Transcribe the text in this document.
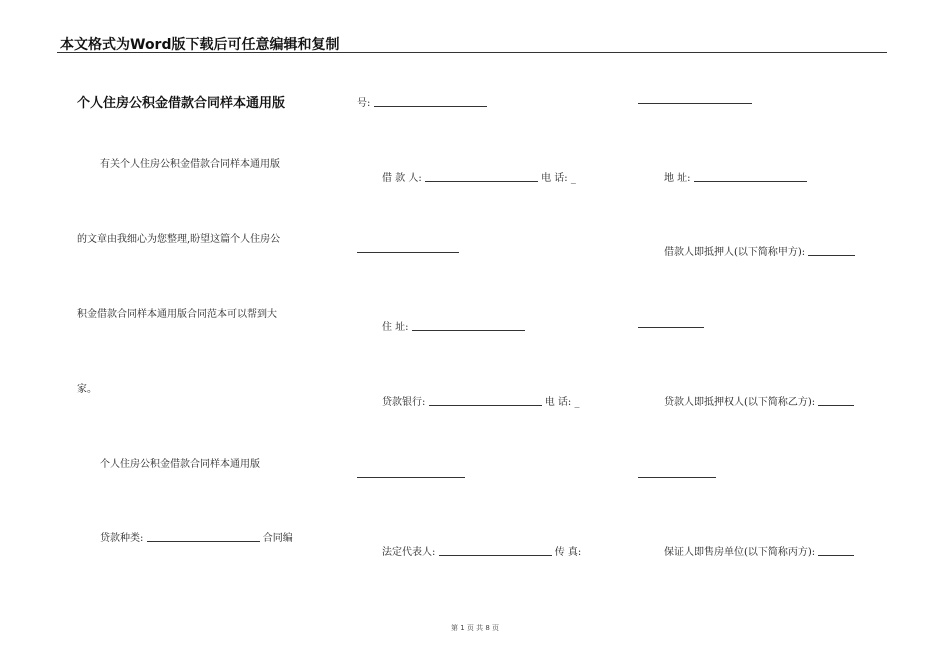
本文格式为Word版下载后可任意编辑和复制
个人住房公积金借款合同样本通用版
有关个人住房公积金借款合同样本通用版
的文章由我细心为您整理,盼望这篇个人住房公
积金借款合同样本通用版合同范本可以帮到大
家。
个人住房公积金借款合同样本通用版
贷款种类:	合同编
号:
借 款 人:	电 话: _
住 址:
贷款银行:	电 话: _
法定代表人:	传 真:
地 址:
借款人即抵押人(以下简称甲方):
贷款人即抵押权人(以下简称乙方):
保证人即售房单位(以下简称丙方):
第 1 页 共 8 页
